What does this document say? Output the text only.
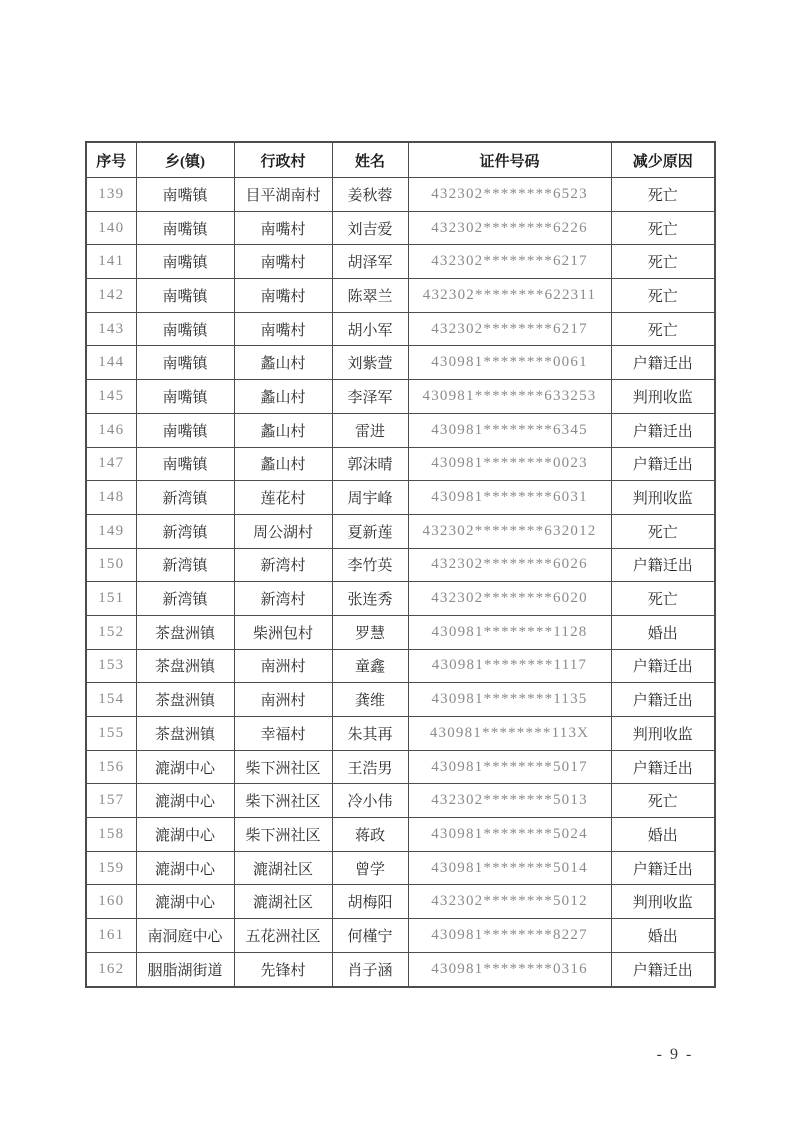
序号	乡(镇)	行政村	姓名	证件号码	减少原因
139	南嘴镇	目平湖南村	姜秋蓉	432302********6523	死亡
140	南嘴镇	南嘴村	刘吉爱	432302********6226	死亡
141	南嘴镇	南嘴村	胡泽军	432302********6217	死亡
142	南嘴镇	南嘴村	陈翠兰	432302********622311	死亡
143	南嘴镇	南嘴村	胡小军	432302********6217	死亡
144	南嘴镇	蠡山村	刘紫萱	430981********0061	户籍迁出
145	南嘴镇	蠡山村	李泽军	430981********633253	判刑收监
146	南嘴镇	蠡山村	雷进	430981********6345	户籍迁出
147	南嘴镇	蠡山村	郭沫晴	430981********0023	户籍迁出
148	新湾镇	莲花村	周宇峰	430981********6031	判刑收监
149	新湾镇	周公湖村	夏新莲	432302********632012	死亡
150	新湾镇	新湾村	李竹英	432302********6026	户籍迁出
151	新湾镇	新湾村	张连秀	432302********6020	死亡
152	茶盘洲镇	柴洲包村	罗慧	430981********1128	婚出
153	茶盘洲镇	南洲村	童鑫	430981********1117	户籍迁出
154	茶盘洲镇	南洲村	龚维	430981********1135	户籍迁出
155	茶盘洲镇	幸福村	朱其再	430981********113X	判刑收监
156	漉湖中心	柴下洲社区	王浩男	430981********5017	户籍迁出
157	漉湖中心	柴下洲社区	冷小伟	432302********5013	死亡
158	漉湖中心	柴下洲社区	蒋政	430981********5024	婚出
159	漉湖中心	漉湖社区	曾学	430981********5014	户籍迁出
160	漉湖中心	漉湖社区	胡梅阳	432302********5012	判刑收监
161	南洞庭中心	五花洲社区	何槿宁	430981********8227	婚出
162	胭脂湖街道	先锋村	肖子涵	430981********0316	户籍迁出
- 9 -
